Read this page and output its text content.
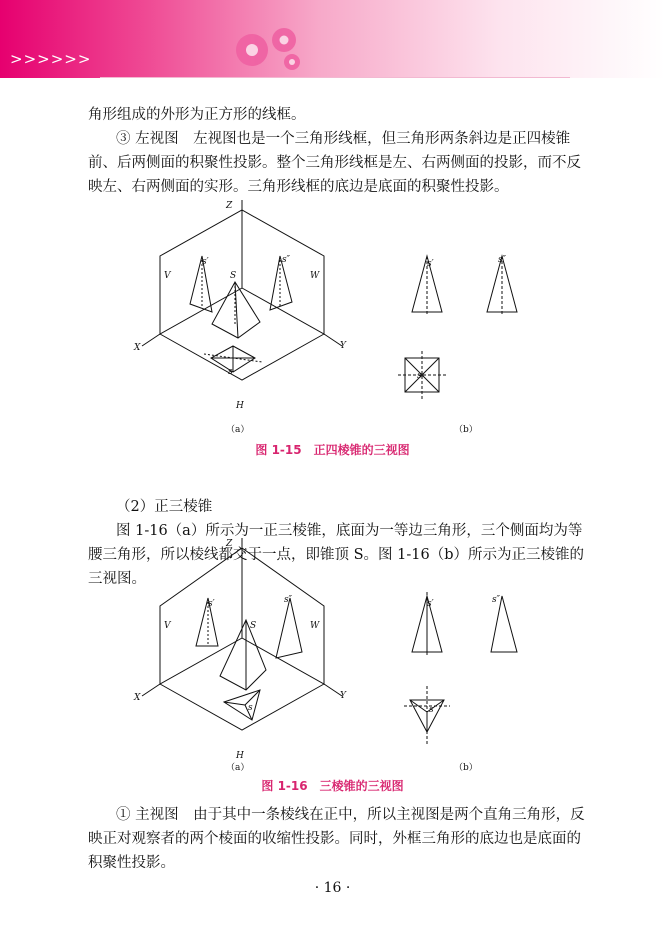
>>>>>>

角形组成的外形为正方形的线框。

③ 左视图　左视图也是一个三角形线框，但三角形两条斜边是正四棱锥前、后两侧面的积聚性投影。整个三角形线框是左、右两侧面的投影，而不反映左、右两侧面的实形。三角形线框的底边是底面的积聚性投影。

Z
X	Y
V	W
H
S
s′	s″
s
s′	s″
s
（a）	（b）
图 1-15　正四棱锥的三视图

（2）正三棱锥

图 1-16（a）所示为一正三棱锥，底面为一等边三角形，三个侧面均为等腰三角形，所以棱线都交于一点，即锥顶 S。图 1-16（b）所示为正三棱锥的三视图。

Z
X	Y
V	W
H
S
s′	s″
s
s′	s″
s
（a）	（b）
图 1-16　三棱锥的三视图

① 主视图　由于其中一条棱线在正中，所以主视图是两个直角三角形，反映正对观察者的两个棱面的收缩性投影。同时，外框三角形的底边也是底面的积聚性投影。

· 16 ·
